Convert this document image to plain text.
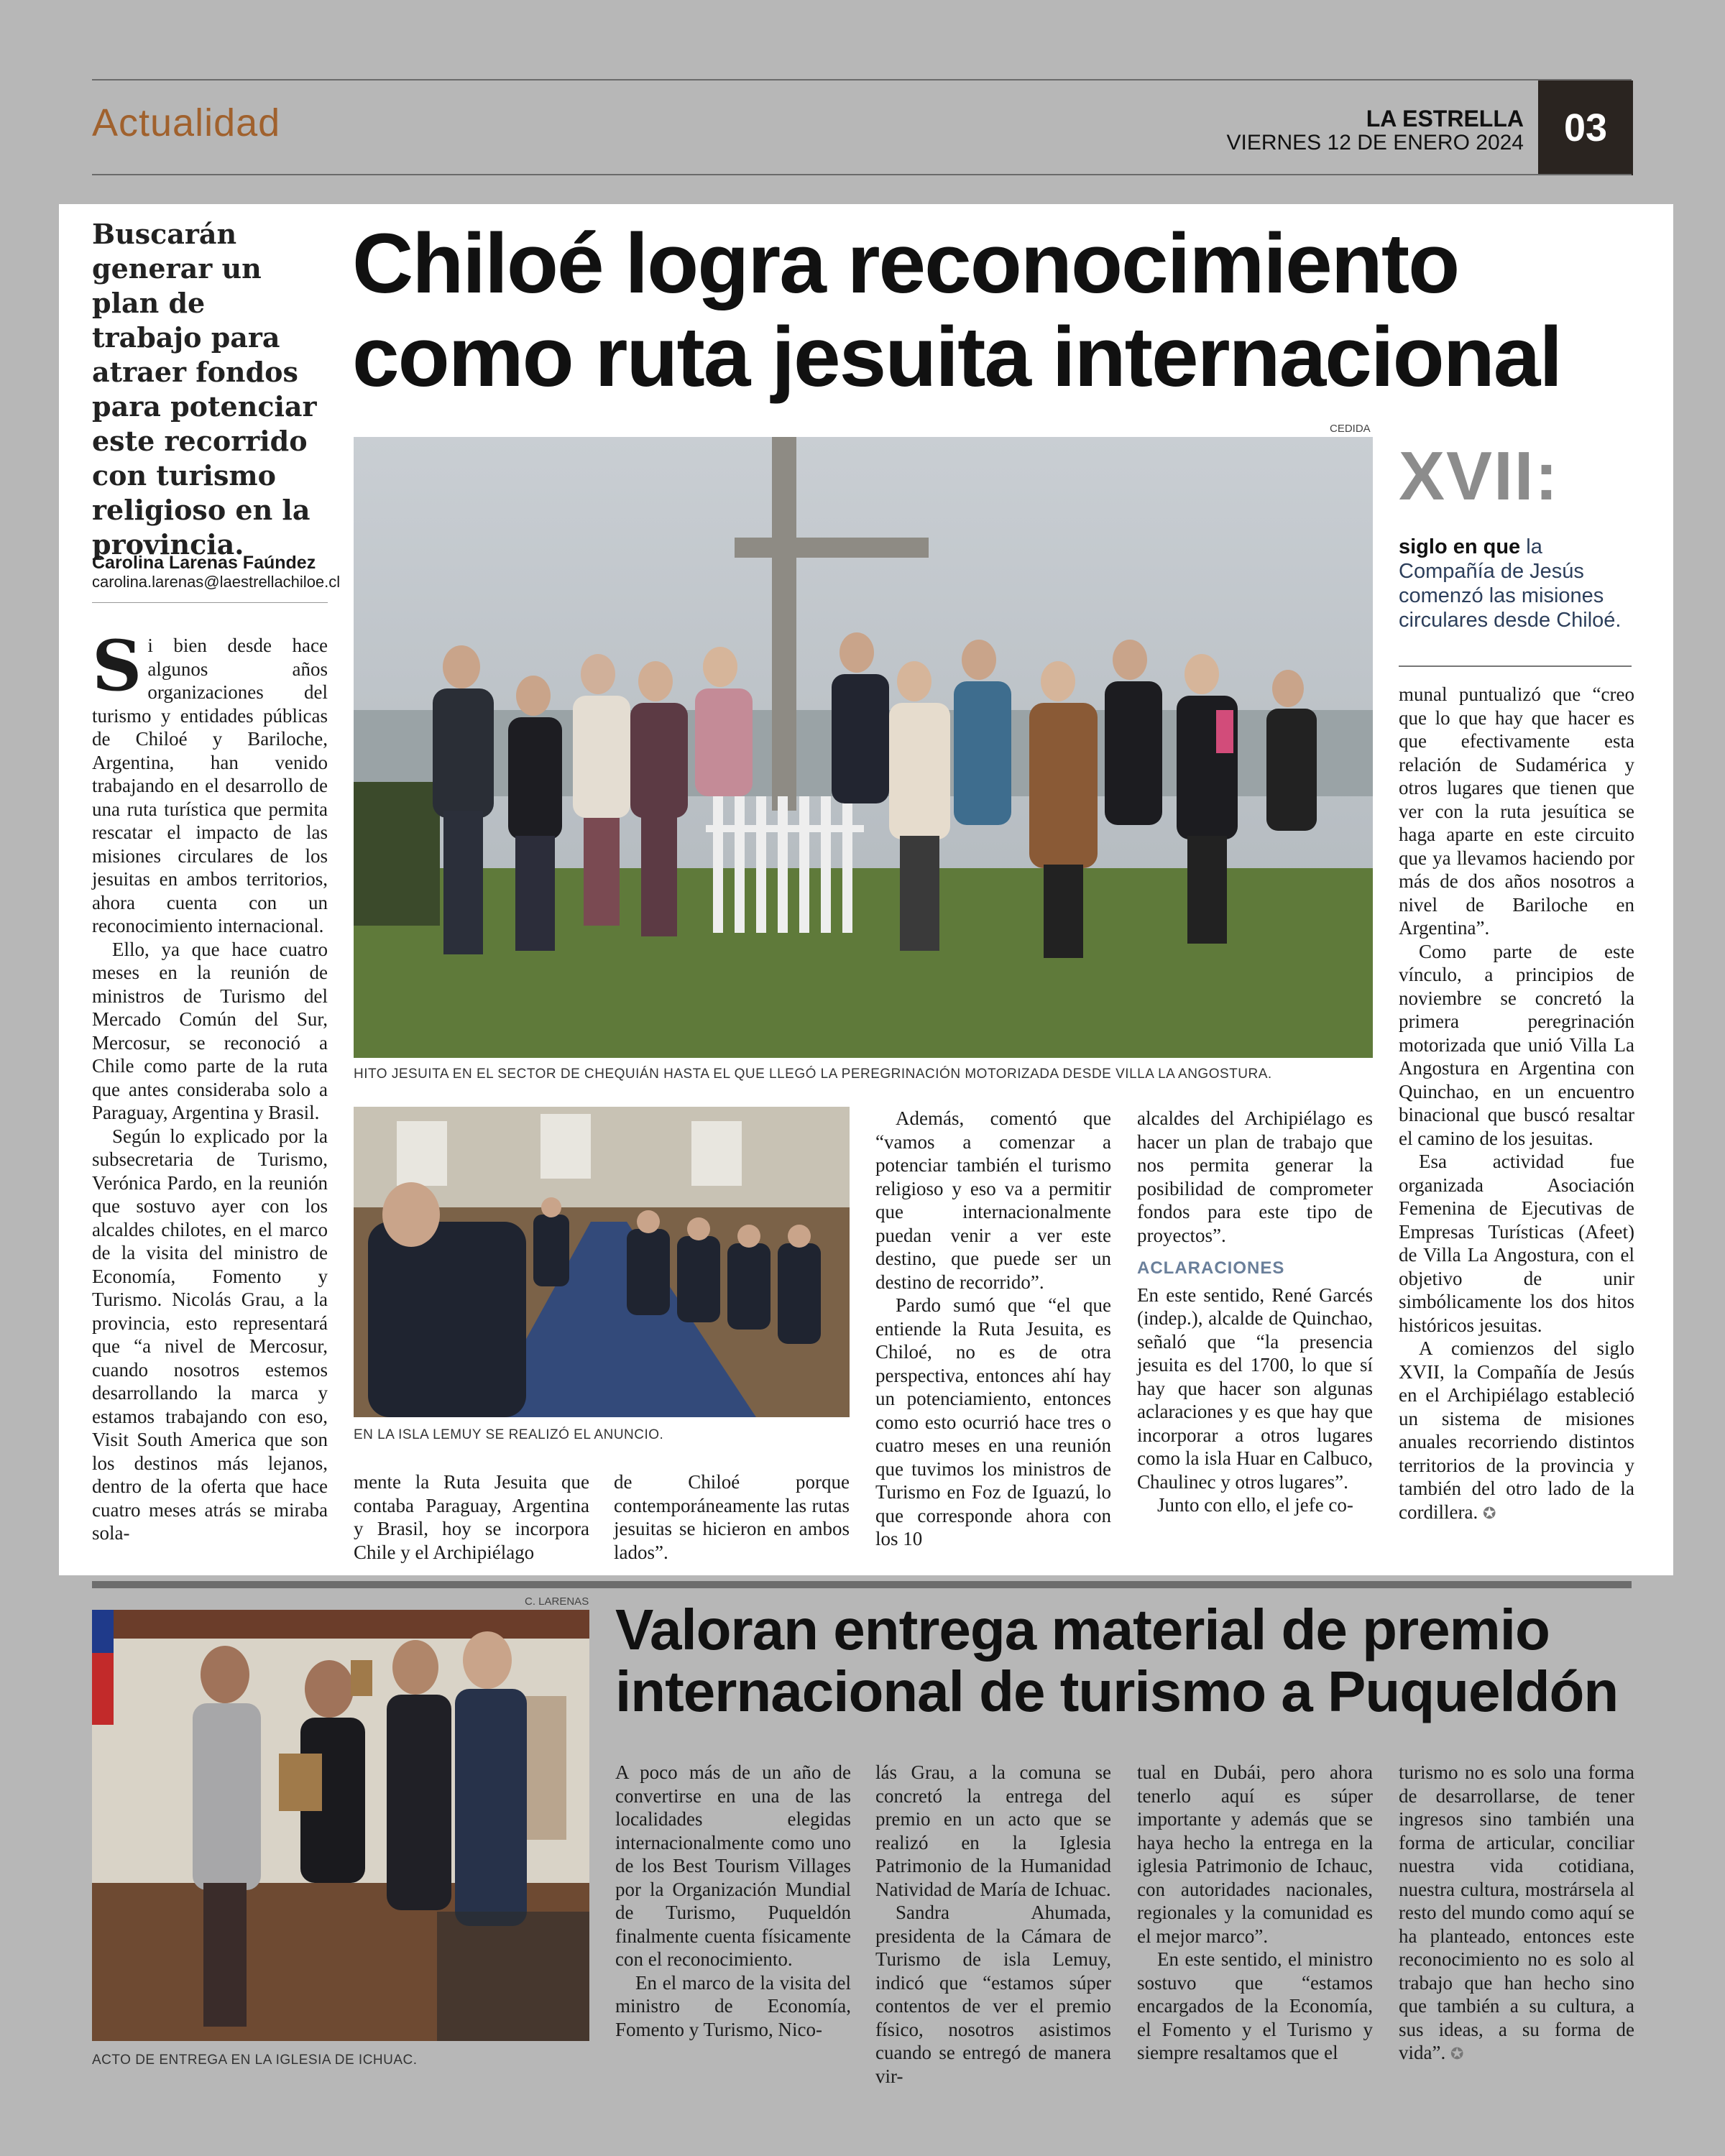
Actualidad	LA ESTRELLA
VIERNES 12 DE ENERO 2024	03
Buscarán generar un plan de trabajo para atraer fondos para potenciar este recorrido con turismo religioso en la provincia.
Carolina Larenas Faúndez
carolina.larenas@laestrellachiloe.cl
Chiloé logra reconocimiento como ruta jesuita internacional
CEDIDA
HITO JESUITA EN EL SECTOR DE CHEQUIÁN HASTA EL QUE LLEGÓ LA PEREGRINACIÓN MOTORIZADA DESDE VILLA LA ANGOSTURA.
XVII:
siglo en que la Compañía de Jesús comenzó las misiones circulares desde Chiloé.

Si bien desde hace algunos años organizaciones del turismo y entidades públicas de Chiloé y Bariloche, Argentina, han venido trabajando en el desarrollo de una ruta turística que permita rescatar el impacto de las misiones circulares de los jesuitas en ambos territorios, ahora cuenta con un reconocimiento internacional.

Ello, ya que hace cuatro meses en la reunión de ministros de Turismo del Mercado Común del Sur, Mercosur, se reconoció a Chile como parte de la ruta que antes consideraba solo a Paraguay, Argentina y Brasil.

Según lo explicado por la subsecretaria de Turismo, Verónica Pardo, en la reunión que sostuvo ayer con los alcaldes chilotes, en el marco de la visita del ministro de Economía, Fomento y Turismo. Nicolás Grau, a la provincia, esto representará que “a nivel de Mercosur, cuando nosotros estemos desarrollando la marca y estamos trabajando con eso, Visit South America que son los destinos más lejanos, dentro de la oferta que hace cuatro meses atrás se miraba sola-

EN LA ISLA LEMUY SE REALIZÓ EL ANUNCIO.

mente la Ruta Jesuita que contaba Paraguay, Argentina y Brasil, hoy se incorpora Chile y el Archipiélago

de Chiloé porque contemporáneamente las rutas jesuitas se hicieron en ambos lados”.

Además, comentó que “vamos a comenzar a potenciar también el turismo religioso y eso va a permitir que internacionalmente puedan venir a ver este destino, que puede ser un destino de recorrido”.

Pardo sumó que “el que entiende la Ruta Jesuita, es Chiloé, no es de otra perspectiva, entonces ahí hay un potenciamiento, entonces como esto ocurrió hace tres o cuatro meses en una reunión que tuvimos los ministros de Turismo en Foz de Iguazú, lo que corresponde ahora con los 10

alcaldes del Archipiélago es hacer un plan de trabajo que nos permita generar la posibilidad de comprometer fondos para este tipo de proyectos”.

ACLARACIONES

En este sentido, René Garcés (indep.), alcalde de Quinchao, señaló que “la presencia jesuita es del 1700, lo que sí hay que hacer son algunas aclaraciones y es que hay que incorporar a otros lugares como la isla Huar en Calbuco, Chaulinec y otros lugares”.

Junto con ello, el jefe co-

munal puntualizó que “creo que lo que hay que hacer es que efectivamente esta relación de Sudamérica y otros lugares que tienen que ver con la ruta jesuítica se haga aparte en este circuito que ya llevamos haciendo por más de dos años nosotros a nivel de Bariloche en Argentina”.

Como parte de este vínculo, a principios de noviembre se concretó la primera peregrinación motorizada que unió Villa La Angostura en Argentina con Quinchao, en un encuentro binacional que buscó resaltar el camino de los jesuitas.

Esa actividad fue organizada Asociación Femenina de Ejecutivas de Empresas Turísticas (Afeet) de Villa La Angostura, con el objetivo de unir simbólicamente los dos hitos históricos jesuitas.

A comienzos del siglo XVII, la Compañía de Jesús en el Archipiélago estableció un sistema de misiones anuales recorriendo distintos territorios de la provincia y también del otro lado de la cordillera. ✪

C. LARENAS
ACTO DE ENTREGA EN LA IGLESIA DE ICHUAC.
Valoran entrega material de premio internacional de turismo a Puqueldón

A poco más de un año de convertirse en una de las localidades elegidas internacionalmente como uno de los Best Tourism Villages por la Organización Mundial de Turismo, Puqueldón finalmente cuenta físicamente con el reconocimiento.

En el marco de la visita del ministro de Economía, Fomento y Turismo, Nico-

lás Grau, a la comuna se concretó la entrega del premio en un acto que se realizó en la Iglesia Patrimonio de la Humanidad Natividad de María de Ichuac.

Sandra Ahumada, presidenta de la Cámara de Turismo de isla Lemuy, indicó que “estamos súper contentos de ver el premio físico, nosotros asistimos cuando se entregó de manera vir-

tual en Dubái, pero ahora tenerlo aquí es súper importante y además que se haya hecho la entrega en la iglesia Patrimonio de Ichauc, con autoridades nacionales, regionales y la comunidad es el mejor marco”.

En este sentido, el ministro sostuvo que “estamos encargados de la Economía, el Fomento y el Turismo y siempre resaltamos que el

turismo no es solo una forma de desarrollarse, de tener ingresos sino también una forma de articular, conciliar nuestra vida cotidiana, nuestra cultura, mostrársela al resto del mundo como aquí se ha planteado, entonces este reconocimiento no es solo al trabajo que han hecho sino que también a su cultura, a sus ideas, a su forma de vida”. ✪
